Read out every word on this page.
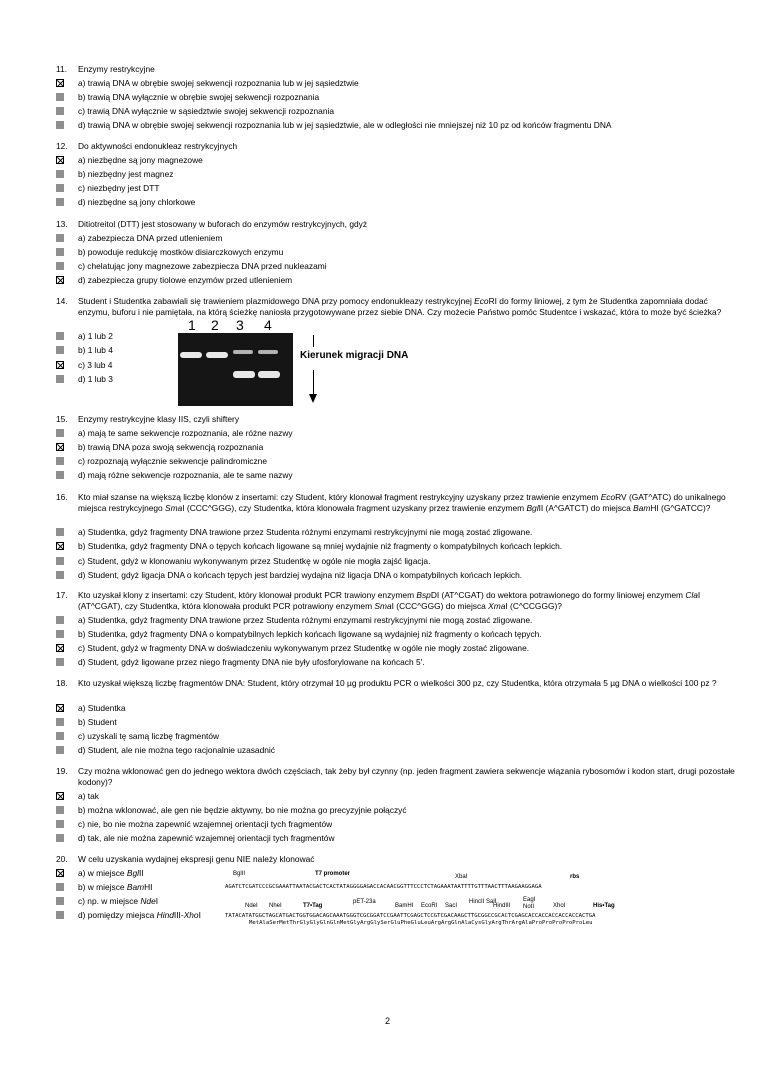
11. Enzymy restrykcyjne
a) trawią DNA w obrębie swojej sekwencji rozpoznania lub w jej sąsiedztwie
b) trawią DNA wyłącznie w obrębie swojej sekwencji rozpoznania
c) trawią DNA wyłącznie w sąsiedztwie swojej sekwencji rozpoznania
d) trawią DNA w obrębie swojej sekwencji rozpoznania lub w jej sąsiedztwie, ale w odległości nie mniejszej niż 10 pz od końców fragmentu DNA
12. Do aktywności endonukleaz restrykcyjnych
a) niezbędne są jony magnezowe
b) niezbędny jest magnez
c) niezbędny jest DTT
d) niezbędne są jony chlorkowe
13. Ditiotreitol (DTT) jest stosowany w buforach do enzymów restrykcyjnych, gdyż
a) zabezpiecza DNA przed utlenieniem
b) powoduje redukcję mostków disiarczkowych enzymu
c) chelatując jony magnezowe zabezpiecza DNA przed nukleazami
d) zabezpiecza grupy tiolowe enzymów przed utlenieniem
14. Student i Studentka zabawiali się trawieniem plazmidowego DNA przy pomocy endonukleazy restrykcyjnej EcoRI do formy liniowej, z tym że Studentka zapomniała dodać enzymu, buforu i nie pamiętała, na którą ścieżkę naniosła przygotowywane przez siebie DNA. Czy możecie Państwo pomóc Studentce i wskazać, która to może być ścieżka?
a) 1 lub 2
b) 1 lub 4
c) 3 lub 4
d) 1 lub 3
15. Enzymy restrykcyjne klasy IIS, czyli shiftery
a) mają te same sekwencje rozpoznania, ale różne nazwy
b) trawią DNA poza swoją sekwencją rozpoznania
c) rozpoznają wyłącznie sekwencje palindromiczne
d) mają różne sekwencje rozpoznania, ale te same nazwy
16. Kto miał szanse na większą liczbę klonów z insertami: czy Student, który klonował fragment restrykcyjny uzyskany przez trawienie enzymem EcoRV (GAT^ATC) do unikalnego miejsca restrykcyjnego SmaI (CCC^GGG), czy Studentka, która klonowała fragment uzyskany przez trawienie enzymem BglII (A^GATCT) do miejsca BamHI (G^GATCC)?
a) Studentka, gdyż fragmenty DNA trawione przez Studenta różnymi enzymami restrykcyjnymi nie mogą zostać zligowane.
b) Studentka, gdyż fragmenty DNA o tępych końcach ligowane są mniej wydajnie niż fragmenty o kompatybilnych końcach lepkich.
c) Student, gdyż w klonowaniu wykonywanym przez Studentkę w ogóle nie mogła zajść ligacja.
d) Student, gdyż ligacja DNA o końcach tępych jest bardziej wydajna niż ligacja DNA o kompatybilnych końcach lepkich.
17. Kto uzyskał klony z insertami: czy Student, który klonował produkt PCR trawiony enzymem BspDI (AT^CGAT) do wektora potrawionego do formy liniowej enzymem ClaI (AT^CGAT), czy Studentka, która klonowała produkt PCR potrawiony enzymem SmaI (CCC^GGG) do miejsca XmaI (C^CCGGG)?
a) Studentka, gdyż fragmenty DNA trawione przez Studenta różnymi enzymami restrykcyjnymi nie mogą zostać zligowane.
b) Studentka, gdyż fragmenty DNA o kompatybilnych lepkich końcach ligowane są wydajniej niż fragmenty o końcach tępych.
c) Student, gdyż w fragmenty DNA w doświadczeniu wykonywanym przez Studentkę w ogóle nie mogły zostać zligowane.
d) Student, gdyż ligowane przez niego fragmenty DNA nie były ufosforylowane na końcach 5'.
18. Kto uzyskał większą liczbę fragmentów DNA: Student, który otrzymał 10 µg produktu PCR o wielkości 300 pz, czy Studentka, która otrzymała 5 µg DNA o wielkości 100 pz ?
a) Studentka
b) Student
c) uzyskali tę samą liczbę fragmentów
d) Student, ale nie można tego racjonalnie uzasadnić
19. Czy można wklonować gen do jednego wektora dwóch częściach, tak żeby był czynny (np. jeden fragment zawiera sekwencje wiązania rybosomów i kodon start, drugi pozostałe kodony)?
a) tak
b) można wklonować, ale gen nie będzie aktywny, bo nie można go precyzyjnie połączyć
c) nie, bo nie można zapewnić wzajemnej orientacji tych fragmentów
d) tak, ale nie można zapewnić wzajemnej orientacji tych fragmentów
20. W celu uzyskania wydajnej ekspresji genu NIE należy klonować
a) w miejsce BglII
b) w miejsce BamHI
c) np. w miejsce NdeI
d) pomiędzy miejsca HindIII-XhoI
1 2 3 4
Kierunek migracji DNA
BglII	T7 promoter	XbaI	rbs
AGATCTCGATCCCGCGAAATTAATACGACTCACTATAGGGGAGACCACAACGGTTTCCCTCTAGAAATAATTTTGTTTAACTTTAAGAAGGAGA
NdeI NheI	T7•Tag
pET-23a
BamHI EcoRI SacI
HincII SalI
HindIII
EagI NotI	XhoI	His•Tag
TATACATATGGCTAGCATGACTGGTGGACAGCAAATGGGTCGCGGATCCGAATTCGAGCTCCGTCGACAAGCTTGCGGCCGCACTCGAGCACCACCACCACCACCACTGA
MetAlaSerMetThrGlyGlyGlnGlnMetGlyArgGlySerGluPheGluLeuArgArgGlnAlaCysGlyArgThrArgAlaProProProProProLeu
2
